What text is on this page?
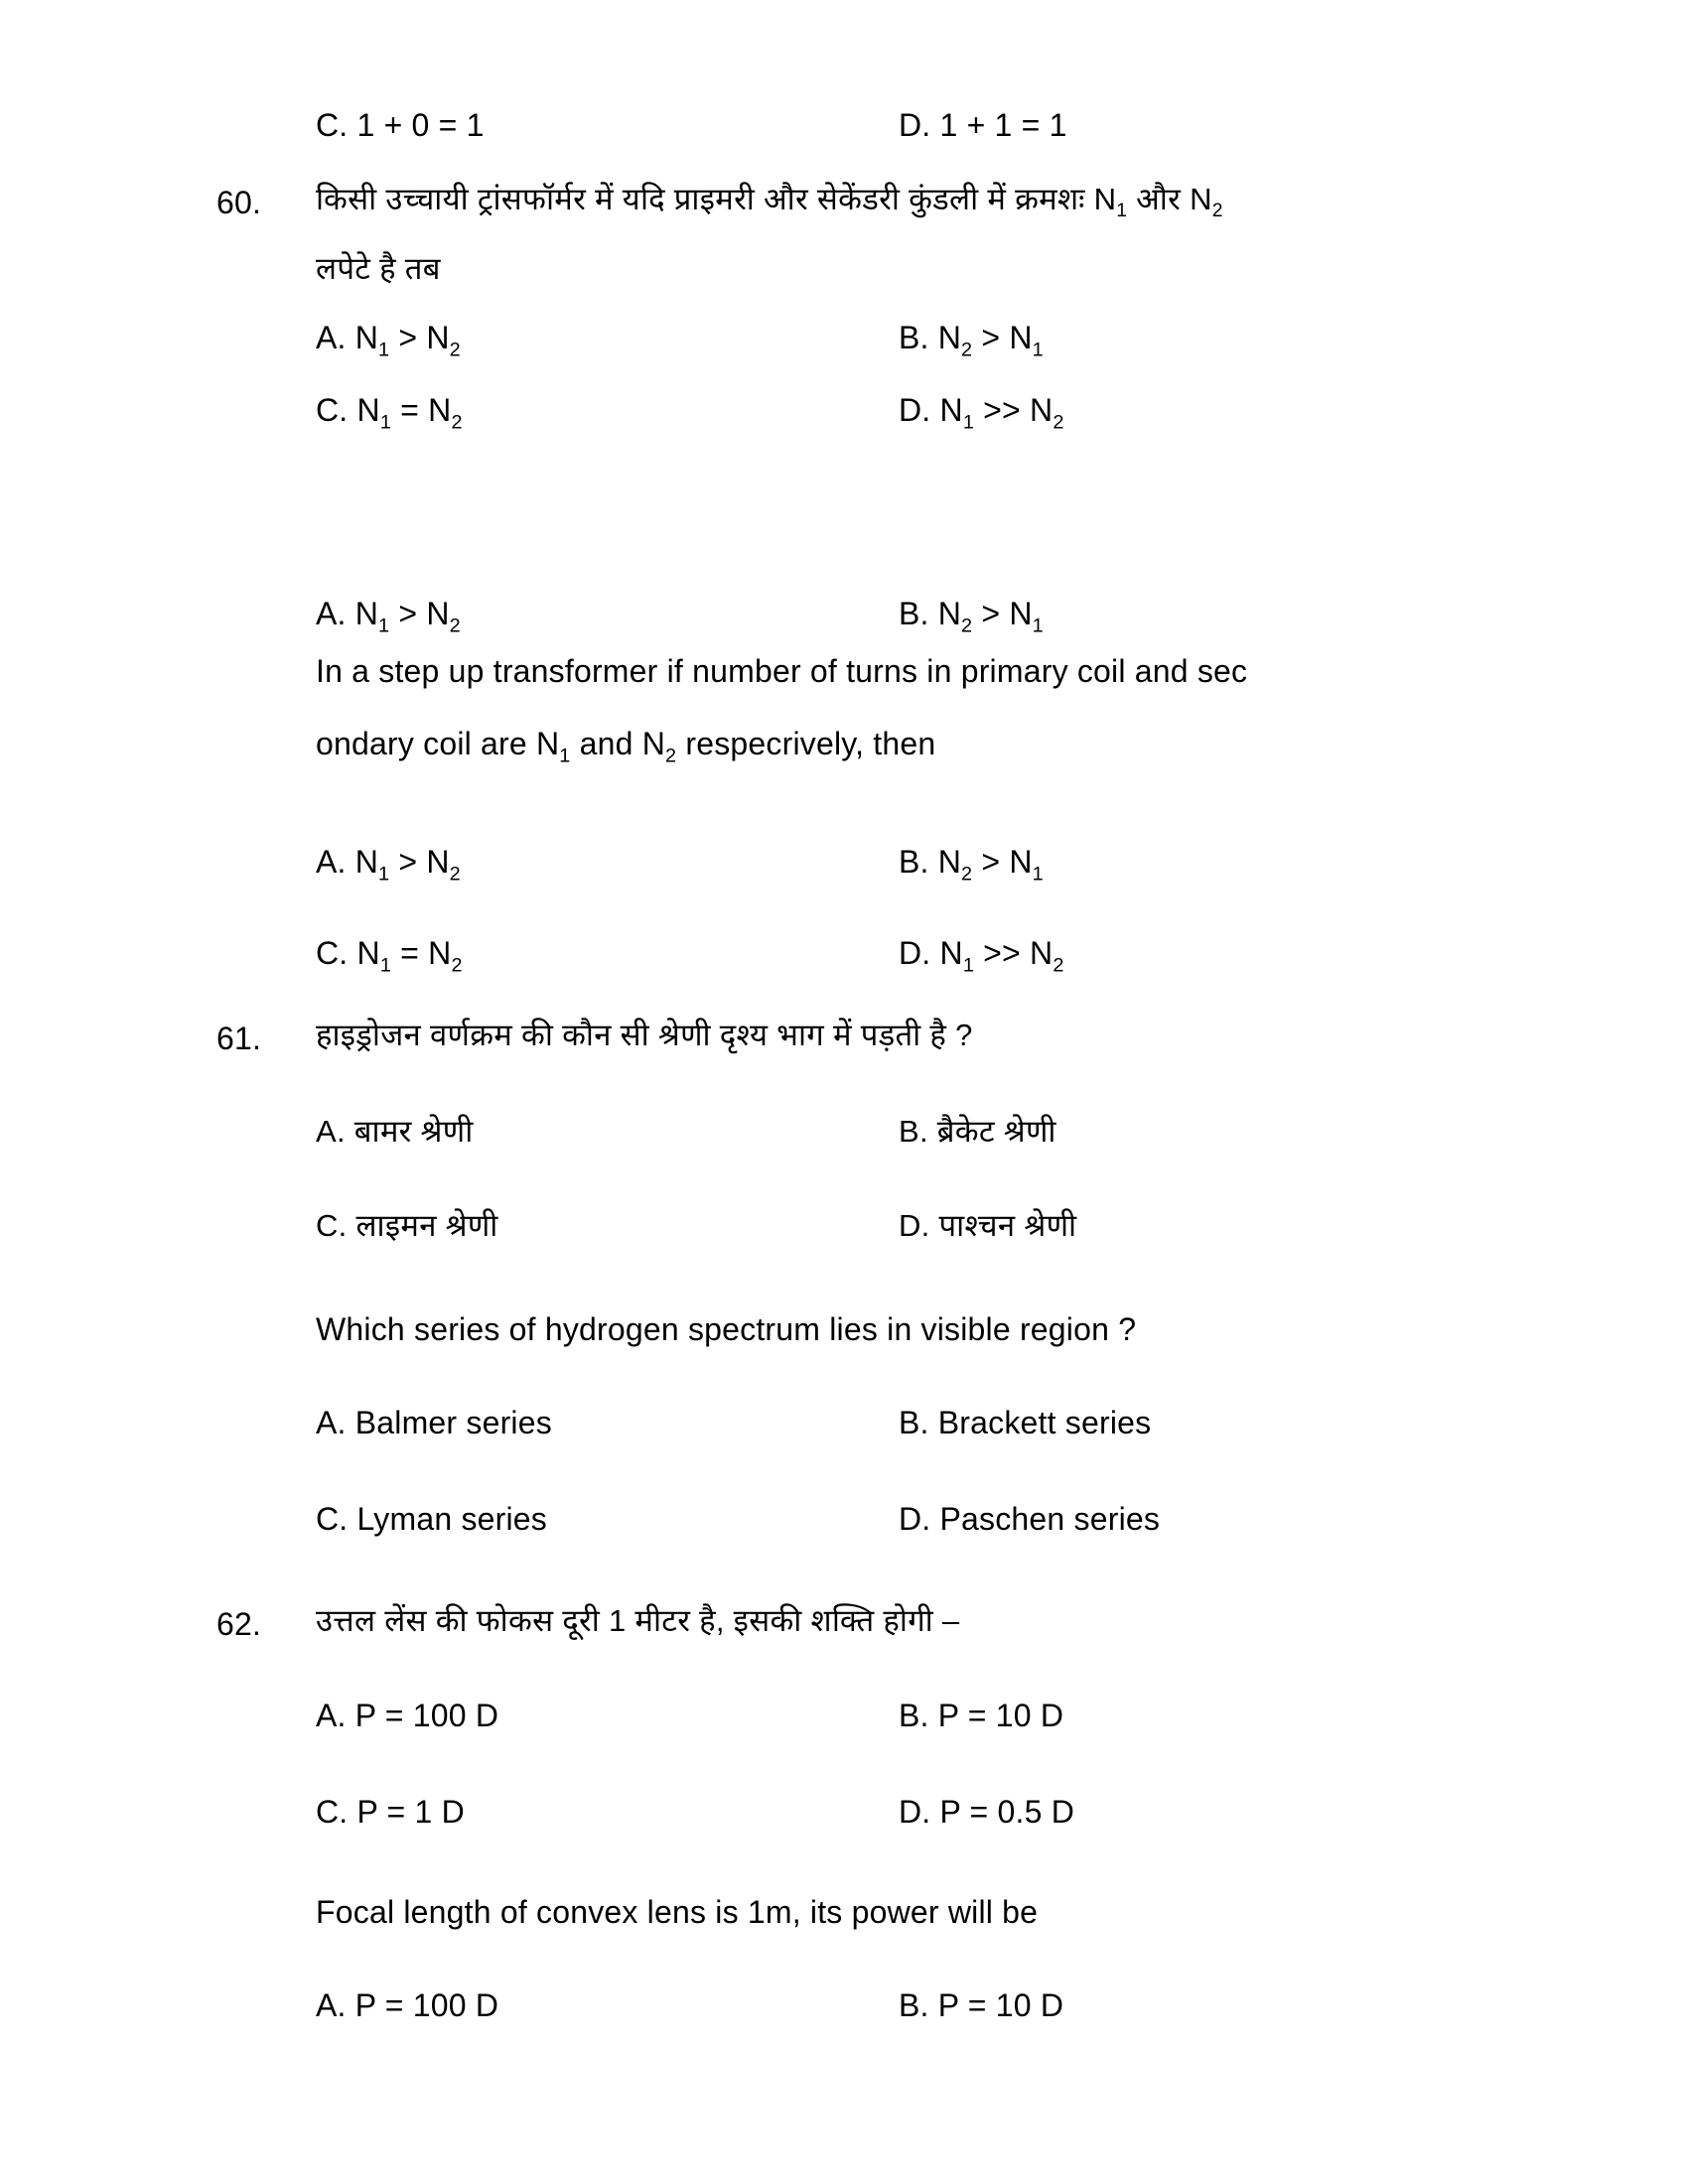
C. 1 + 0 = 1	D. 1 + 1 = 1
60.	किसी उच्चायी ट्रांसफॉर्मर में यदि प्राइमरी और सेकेंडरी कुंडली में क्रमशः $N_1$ और $N_2$
लपेटे है तब
A. $N_1 > N_2$	B. $N_2 > N_1$
C. $N_1 = N_2$	D. $N_1 >> N_2$
In a step up transformer if number of turns in primary coil and sec
ondary coil are $N_1$ and $N_2$ respecrively, then
A. $N_1 > N_2$	B. $N_2 > N_1$
A. $N_1 > N_2$	B. $N_2 > N_1$
C. $N_1 = N_2$	D. $N_1 >> N_2$
61.	हाइड्रोजन वर्णक्रम की कौन सी श्रेणी दृश्य भाग में पड़ती है ?
A. बामर श्रेणी	B. ब्रैकेट श्रेणी
C. लाइमन श्रेणी	D. पाश्चन श्रेणी
Which series of hydrogen spectrum lies in visible region ?
A. Balmer series	B. Brackett series
C. Lyman series	D. Paschen series
62.	उत्तल लेंस की फोकस दूरी 1 मीटर है, इसकी शक्ति होगी –
A. P = 100 D	B. P = 10 D
C. P = 1 D	D. P = 0.5 D
Focal length of convex lens is 1m, its power will be
A. P = 100 D	B. P = 10 D
